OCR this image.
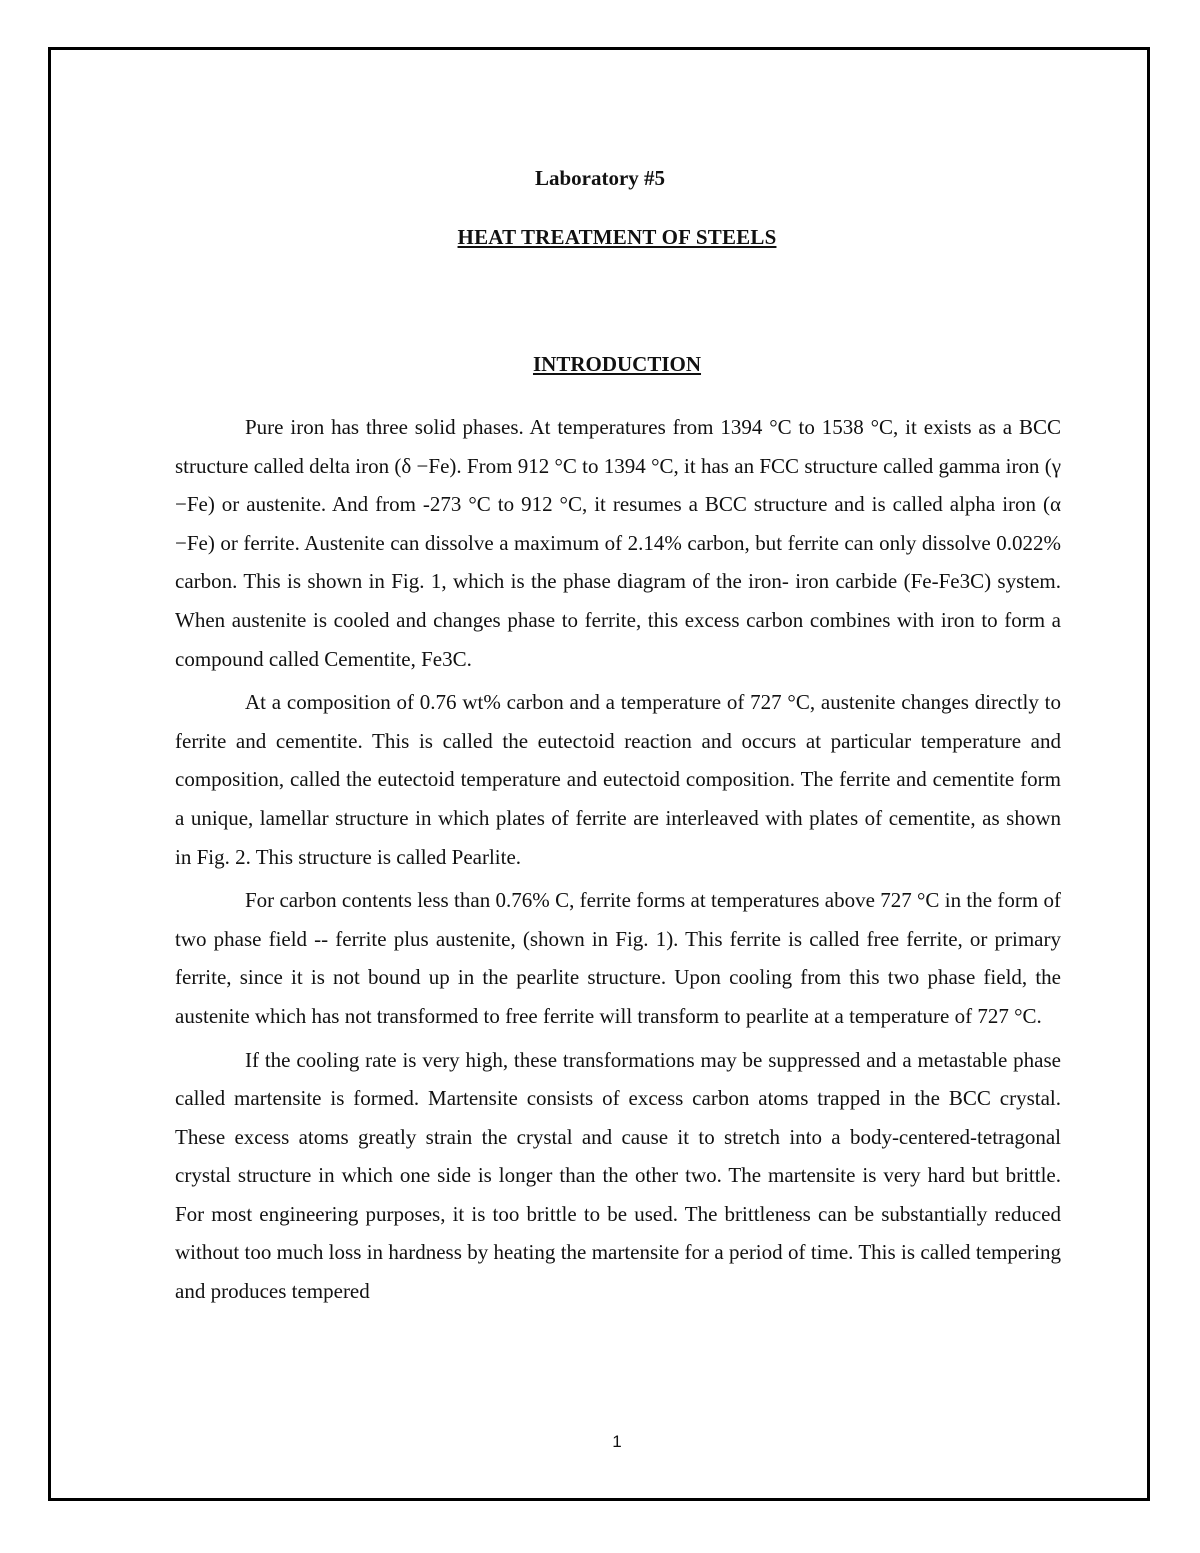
Laboratory #5
HEAT TREATMENT OF STEELS
INTRODUCTION

Pure iron has three solid phases. At temperatures from 1394 °C to 1538 °C, it exists as a BCC structure called delta iron (δ −Fe). From 912 °C to 1394 °C, it has an FCC structure called gamma iron (γ −Fe) or austenite. And from -273 °C to 912 °C, it resumes a BCC structure and is called alpha iron (α −Fe) or ferrite. Austenite can dissolve a maximum of 2.14% carbon, but ferrite can only dissolve 0.022% carbon. This is shown in Fig. 1, which is the phase diagram of the iron- iron carbide (Fe-Fe3C) system. When austenite is cooled and changes phase to ferrite, this excess carbon combines with iron to form a compound called Cementite, Fe3C.

At a composition of 0.76 wt% carbon and a temperature of 727 °C, austenite changes directly to ferrite and cementite. This is called the eutectoid reaction and occurs at particular temperature and composition, called the eutectoid temperature and eutectoid composition. The ferrite and cementite form a unique, lamellar structure in which plates of ferrite are interleaved with plates of cementite, as shown in Fig. 2. This structure is called Pearlite.

For carbon contents less than 0.76% C, ferrite forms at temperatures above 727 °C in the form of two phase field -- ferrite plus austenite, (shown in Fig. 1). This ferrite is called free ferrite, or primary ferrite, since it is not bound up in the pearlite structure. Upon cooling from this two phase field, the austenite which has not transformed to free ferrite will transform to pearlite at a temperature of 727 °C.

If the cooling rate is very high, these transformations may be suppressed and a metastable phase called martensite is formed. Martensite consists of excess carbon atoms trapped in the BCC crystal. These excess atoms greatly strain the crystal and cause it to stretch into a body-centered-tetragonal crystal structure in which one side is longer than the other two. The martensite is very hard but brittle. For most engineering purposes, it is too brittle to be used. The brittleness can be substantially reduced without too much loss in hardness by heating the martensite for a period of time. This is called tempering and produces tempered

1
